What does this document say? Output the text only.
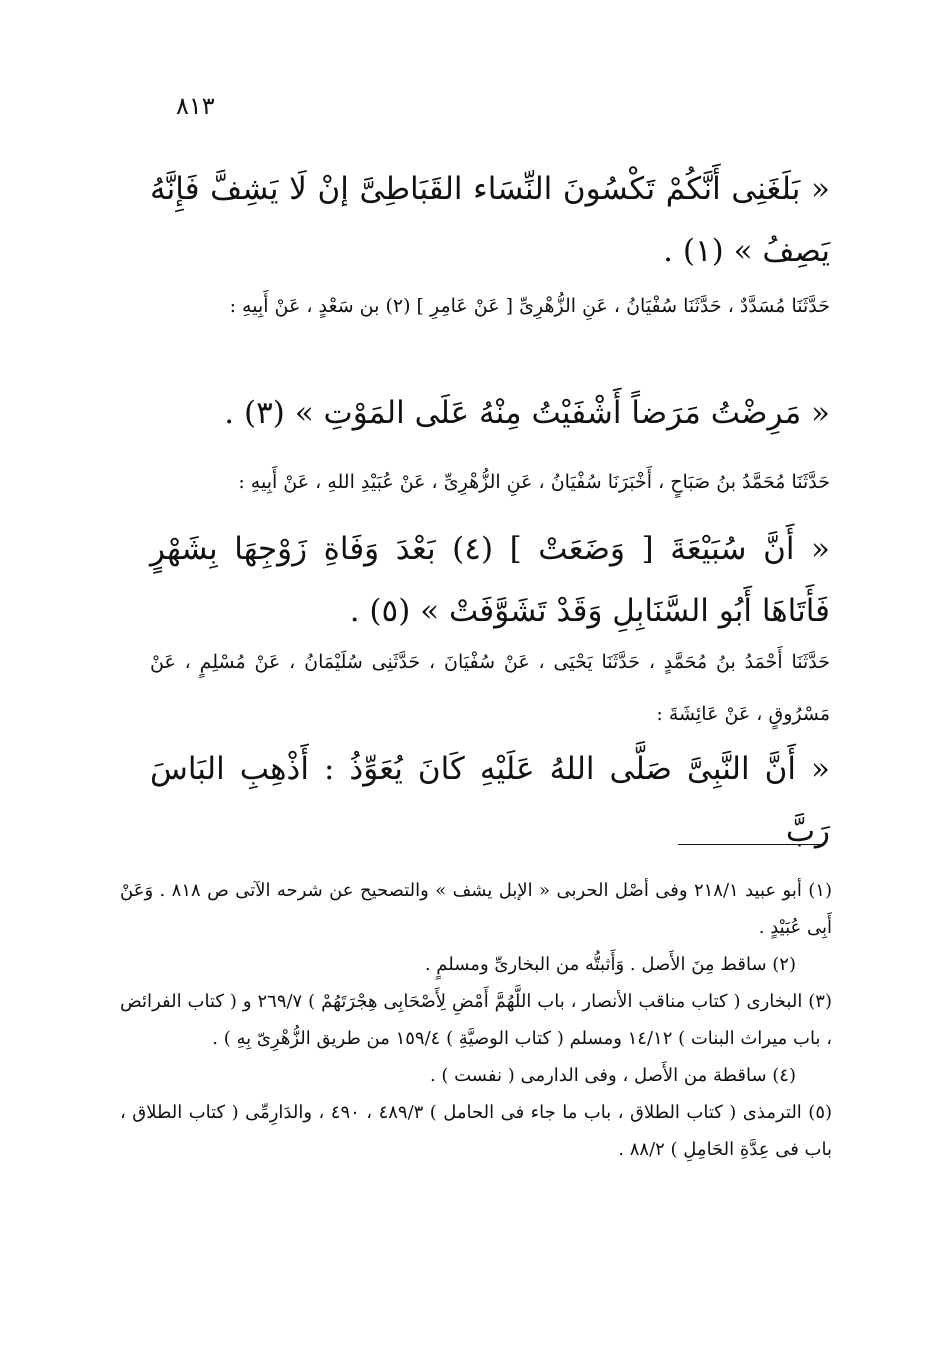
٨١٣
« بَلَغَنِى أَنَّكُمْ تَكْسُونَ النِّسَاء القَبَاطِىَّ إنْ لَا يَشِفَّ فَإِنَّهُ يَصِفُ » (١) .
حَدَّثَنَا مُسَدَّدٌ ، حَدَّثَنَا سُفْيَانُ ، عَنِ الزُّهْرِىِّ [ عَنْ عَامِرِ ] (٢) بن سَعْدٍ ، عَنْ أَبِيهِ :
« مَرِضْتُ مَرَضاً أَشْفَيْتُ مِنْهُ عَلَى المَوْتِ » (٣) .
حَدَّثَنَا مُحَمَّدُ بنُ صَبَاحٍ ، أَخْبَرَنَا سُفْيَانُ ، عَنِ الزُّهْرِىِّ ، عَنْ عُبَيْدِ اللهِ ، عَنْ أَبِيهِ :
« أَنَّ سُبَيْعَةَ [ وَضَعَتْ ] (٤) بَعْدَ وَفَاةِ زَوْجِهَا بِشَهْرٍ فَأَتَاهَا أَبُو السَّنَابِلِ وَقَدْ تَشَوَّفَتْ » (٥) .
حَدَّثَنَا أَحْمَدُ بنُ مُحَمَّدٍ ، حَدَّثَنَا يَحْيَى ، عَنْ سُفْيَانَ ، حَدَّثَنِى سُلَيْمَانُ ، عَنْ مُسْلِمٍ ، عَنْ مَسْرُوقٍ ، عَنْ عَائِشَةَ :
« أَنَّ النَّبِىَّ صَلَّى اللهُ عَلَيْهِ كَانَ يُعَوِّذُ : أَذْهِبِ البَاسَ رَبَّ
(١) أبو عبيد ٢١٨/١ وفى أصْل الحربى « الإبل يشف » والتصحيح عن شرحه الآتى ص ٨١٨ . وَعَنْ أَبِى عُبَيْدٍ .
(٢) ساقط مِنَ الأَصل . وَأَثبتُّه من البخارىِّ ومسلمٍ .
(٣) البخارى ( كتاب مناقب الأنصار ، باب اللَّهُمَّ أَمْضِ لِأَصْحَابِى هِجْرَتَهُمْ ) ٢٦٩/٧ و ( كتاب الفرائض ، باب ميراث البنات ) ١٤/١٢ ومسلم ( كتاب الوصيَّةِ ) ١٥٩/٤ من طريق الزُّهْرِىّ بِهِ ) .
(٤) ساقطة من الأَصل ، وفى الدارمى ( نفست ) .
(٥) الترمذى ( كتاب الطلاق ، باب ما جاء فى الحامل ) ٤٨٩/٣ ، ٤٩٠ ، والدَارِمِّى ( كتاب الطلاق ، باب فى عِدَّةِ الحَامِلِ ) ٨٨/٢ .
